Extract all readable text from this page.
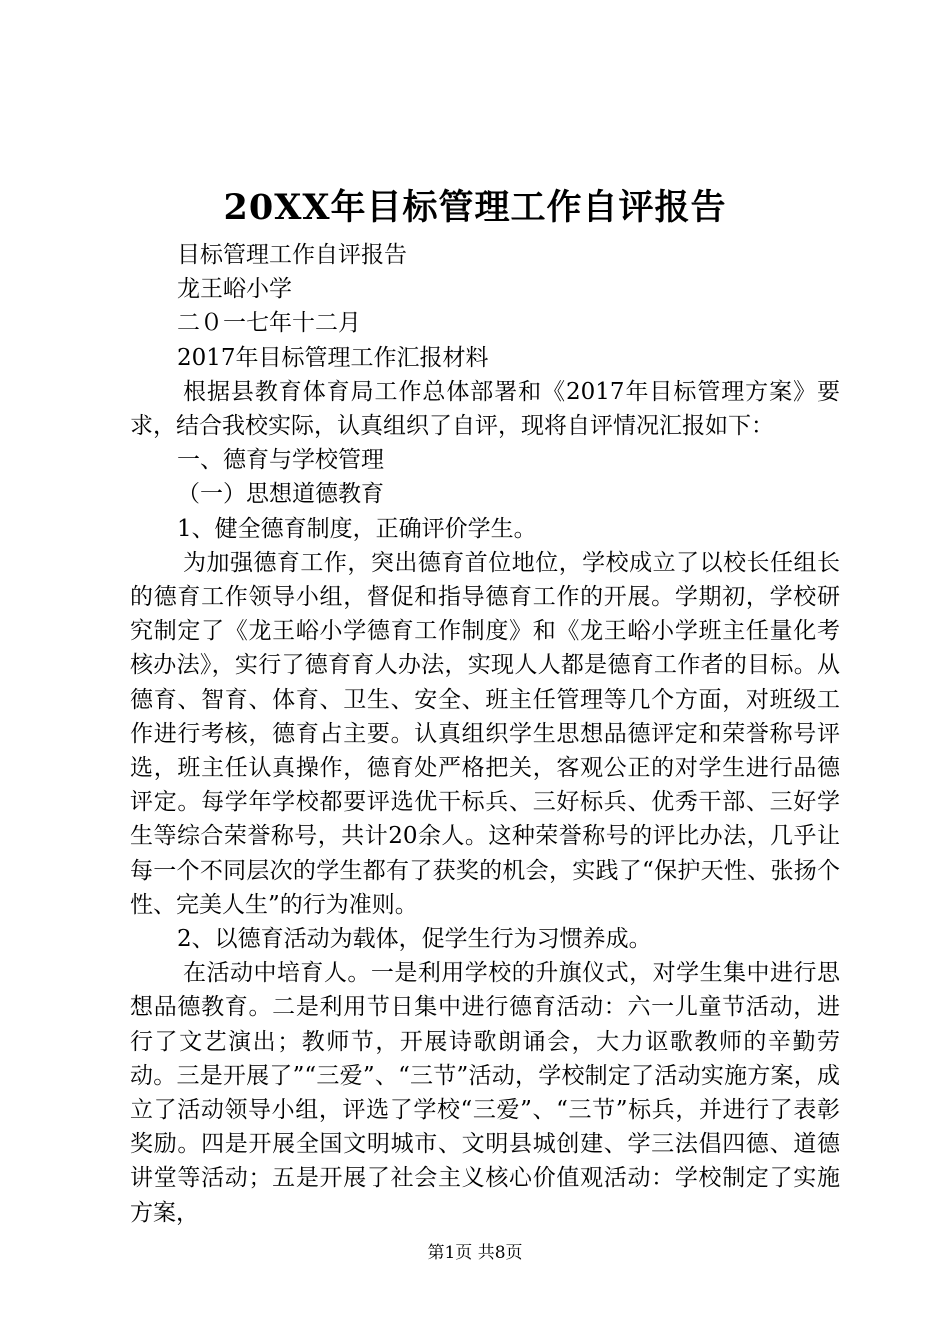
20XX年目标管理工作自评报告
目标管理工作自评报告
龙王峪小学
二０一七年十二月
2017年目标管理工作汇报材料

根据县教育体育局工作总体部署和《2017年目标管理方案》要求，结合我校实际，认真组织了自评，现将自评情况汇报如下：

一、德育与学校管理
（一）思想道德教育
1、健全德育制度，正确评价学生。

为加强德育工作，突出德育首位地位，学校成立了以校长任组长的德育工作领导小组，督促和指导德育工作的开展。学期初，学校研究制定了《龙王峪小学德育工作制度》和《龙王峪小学班主任量化考核办法》，实行了德育育人办法，实现人人都是德育工作者的目标。从德育、智育、体育、卫生、安全、班主任管理等几个方面，对班级工作进行考核，德育占主要。认真组织学生思想品德评定和荣誉称号评选，班主任认真操作，德育处严格把关，客观公正的对学生进行品德评定。每学年学校都要评选优干标兵、三好标兵、优秀干部、三好学生等综合荣誉称号，共计20余人。这种荣誉称号的评比办法，几乎让每一个不同层次的学生都有了获奖的机会，实践了“保护天性、张扬个性、完美人生”的行为准则。

2、以德育活动为载体，促学生行为习惯养成。

在活动中培育人。一是利用学校的升旗仪式，对学生集中进行思想品德教育。二是利用节日集中进行德育活动：六一儿童节活动，进行了文艺演出；教师节，开展诗歌朗诵会，大力讴歌教师的辛勤劳动。三是开展了”“三爱”、“三节”活动，学校制定了活动实施方案，成立了活动领导小组，评选了学校“三爱”、“三节”标兵，并进行了表彰奖励。四是开展全国文明城市、文明县城创建、学三法倡四德、道德讲堂等活动；五是开展了社会主义核心价值观活动：学校制定了实施方案，

第1页 共8页
